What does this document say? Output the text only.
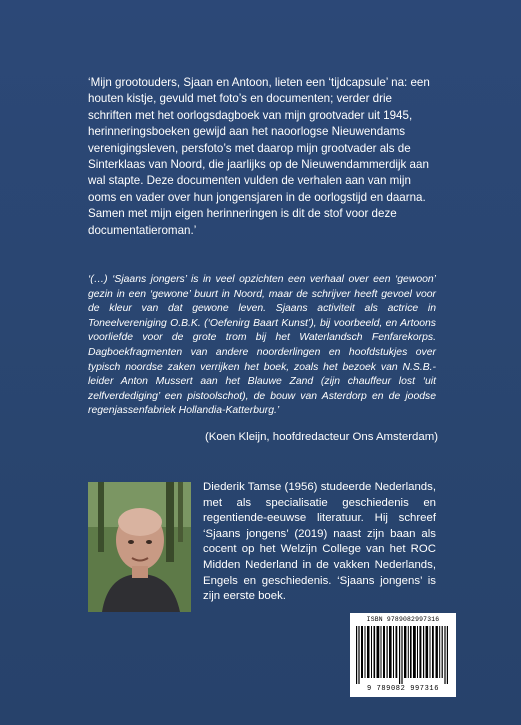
‘Mijn grootouders, Sjaan en Antoon, lieten een ‘tijdcapsule’ na: een houten kistje, gevuld met foto’s en documenten; verder drie schriften met het oorlogsdagboek van mijn grootvader uit 1945, herinneringsboeken gewijd aan het naoorlogse Nieuwendams verenigingsleven, persfoto’s met daarop mijn grootvader als de Sinterklaas van Noord, die jaarlijks op de Nieuwendammerdijk aan wal stapte. Deze documenten vulden de verhalen aan van mijn ooms en vader over hun jongensjaren in de oorlogstijd en daarna. Samen met mijn eigen herinneringen is dit de stof voor deze documentatieroman.’
‘(…) ‘Sjaans jongers’ is in veel opzichten een verhaal over een ‘gewoon’ gezin in een ‘gewone’ buurt in Noord, maar de schrijver heeft gevoel voor de kleur van dat gewone leven. Sjaans activiteit als actrice in Toneelvereniging O.B.K. (‘Oefenirg Baart Kunst’), bij voorbeeld, en Artoons voorliefde voor de grote trom bij het Waterlandsch Fenfarekorps. Dagboekfragmenten van andere noorderlingen en hoofdstukjes over typisch noordse zaken verrijken het boek, zoals het bezoek van N.S.B.-leider Anton Mussert aan het Blauwe Zand (zijn chauffeur lost ‘uit zelfverdediging’ een pistoolschot), de bouw van Asterdorp en de joodse regenjassenfabriek Hollandia-Katterburg.’
(Koen Kleijn, hoofdredacteur Ons Amsterdam)
Diederik Tamse (1956) studeerde Nederlands, met als specialisatie geschiedenis en regentiende-eeuwse literatuur. Hij schreef ‘Sjaans jongens’ (2019) naast zijn baan als cocent op het Welzijn College van het ROC Midden Nederland in de vakken Nederlands, Engels en geschiedenis. ‘Sjaans jongens’ is zijn eerste boek.
ISBN 9789082997316
9 789082 997316
